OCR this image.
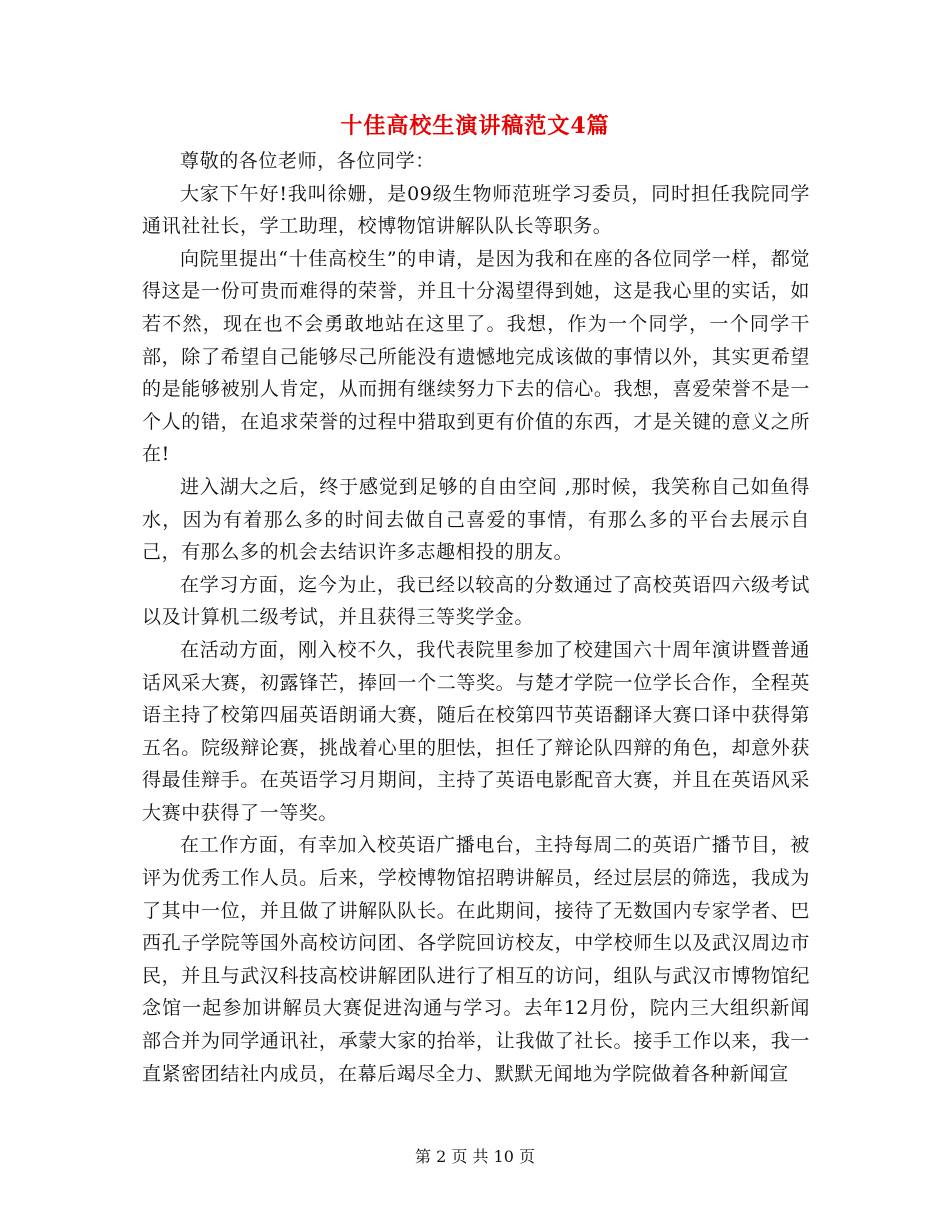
十佳高校生演讲稿范文4篇

尊敬的各位老师，各位同学：

大家下午好!我叫徐姗，是09级生物师范班学习委员，同时担任我院同学通讯社社长，学工助理，校博物馆讲解队队长等职务。

向院里提出“十佳高校生”的申请，是因为我和在座的各位同学一样，都觉得这是一份可贵而难得的荣誉，并且十分渴望得到她，这是我心里的实话，如若不然，现在也不会勇敢地站在这里了。我想，作为一个同学，一个同学干部，除了希望自己能够尽己所能没有遗憾地完成该做的事情以外，其实更希望的是能够被别人肯定，从而拥有继续努力下去的信心。我想，喜爱荣誉不是一个人的错，在追求荣誉的过程中猎取到更有价值的东西，才是关键的意义之所在!

进入湖大之后，终于感觉到足够的自由空间 ,那时候，我笑称自己如鱼得水，因为有着那么多的时间去做自己喜爱的事情，有那么多的平台去展示自己，有那么多的机会去结识许多志趣相投的朋友。

在学习方面，迄今为止，我已经以较高的分数通过了高校英语四六级考试以及计算机二级考试，并且获得三等奖学金。

在活动方面，刚入校不久，我代表院里参加了校建国六十周年演讲暨普通话风采大赛，初露锋芒，捧回一个二等奖。与楚才学院一位学长合作，全程英语主持了校第四届英语朗诵大赛，随后在校第四节英语翻译大赛口译中获得第五名。院级辩论赛，挑战着心里的胆怯，担任了辩论队四辩的角色，却意外获得最佳辩手。在英语学习月期间，主持了英语电影配音大赛，并且在英语风采大赛中获得了一等奖。

在工作方面，有幸加入校英语广播电台，主持每周二的英语广播节目，被评为优秀工作人员。后来，学校博物馆招聘讲解员，经过层层的筛选，我成为了其中一位，并且做了讲解队队长。在此期间，接待了无数国内专家学者、巴西孔子学院等国外高校访问团、各学院回访校友，中学校师生以及武汉周边市民，并且与武汉科技高校讲解团队进行了相互的访问，组队与武汉市博物馆纪念馆一起参加讲解员大赛促进沟通与学习。去年12月份，院内三大组织新闻部合并为同学通讯社，承蒙大家的抬举，让我做了社长。接手工作以来，我一直紧密团结社内成员，在幕后竭尽全力、默默无闻地为学院做着各种新闻宣

第 2 页 共 10 页
